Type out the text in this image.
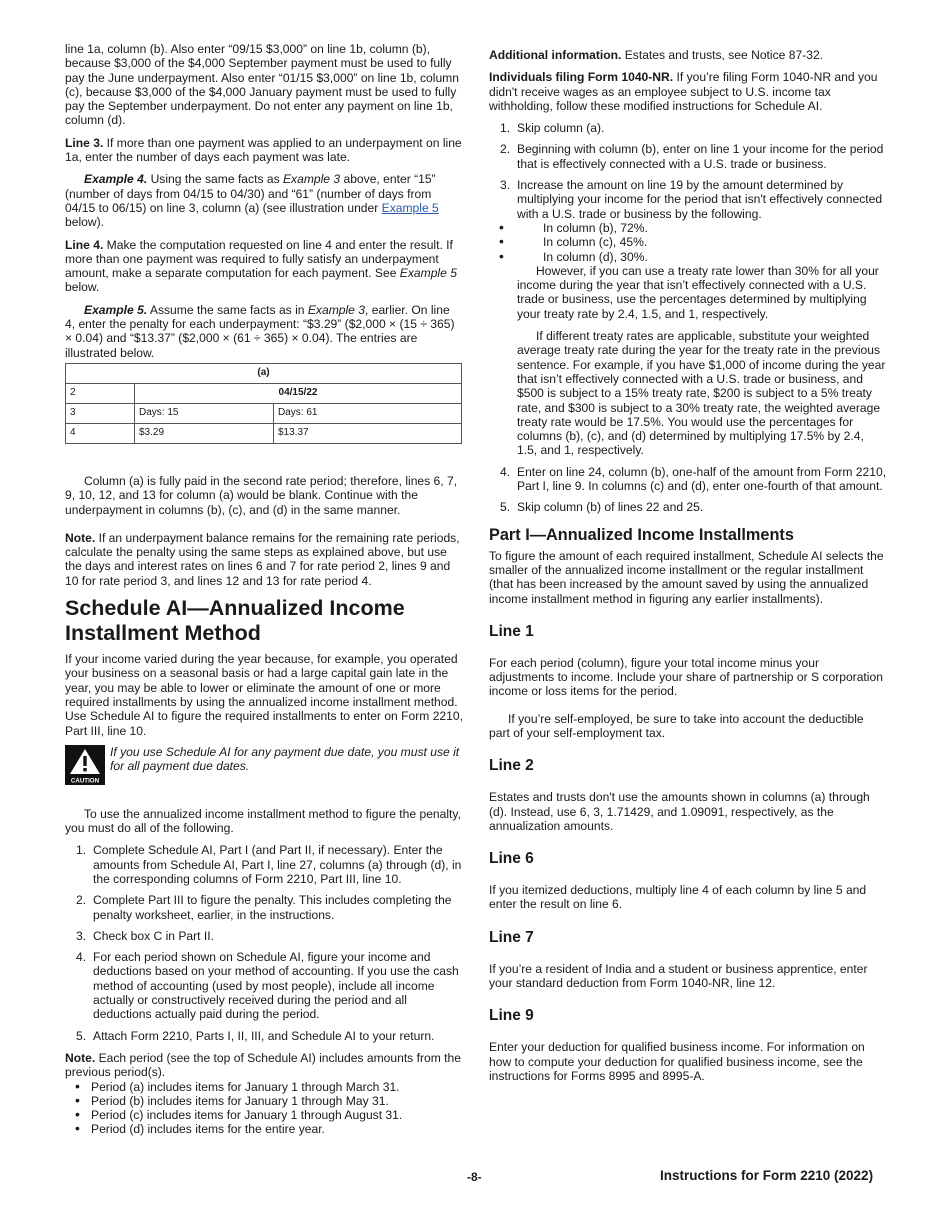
line 1a, column (b). Also enter “09/15 $3,000” on line 1b, column (b), because $3,000 of the $4,000 September payment must be used to fully pay the June underpayment. Also enter “01/15 $3,000” on line 1b, column (c), because $3,000 of the $4,000 January payment must be used to fully pay the September underpayment. Do not enter any payment on line 1b, column (d).

Line 3. If more than one payment was applied to an underpayment on line 1a, enter the number of days each payment was late.

Example 4. Using the same facts as Example 3 above, enter “15” (number of days from 04/15 to 04/30) and “61” (number of days from 04/15 to 06/15) on line 3, column (a) (see illustration under Example 5 below).

Line 4. Make the computation requested on line 4 and enter the result. If more than one payment was required to fully satisfy an underpayment amount, make a separate computation for each payment. See Example 5 below.

Example 5. Assume the same facts as in Example 3, earlier. On line 4, enter the penalty for each underpayment: “$3.29” ($2,000 × (15 ÷ 365) × 0.04) and “$13.37” ($2,000 × (61 ÷ 365) × 0.04). The entries are illustrated below.

(a)		
2	04/15/22	
3	Days: 15	Days: 61
4	$3.29	$13.37

Column (a) is fully paid in the second rate period; therefore, lines 6, 7, 9, 10, 12, and 13 for column (a) would be blank. Continue with the underpayment in columns (b), (c), and (d) in the same manner.

Note. If an underpayment balance remains for the remaining rate periods, calculate the penalty using the same steps as explained above, but use the days and interest rates on lines 6 and 7 for rate period 2, lines 9 and 10 for rate period 3, and lines 12 and 13 for rate period 4.

Schedule AI—Annualized Income Installment Method

If your income varied during the year because, for example, you operated your business on a seasonal basis or had a large capital gain late in the year, you may be able to lower or eliminate the amount of one or more required installments by using the annualized income installment method. Use Schedule AI to figure the required installments to enter on Form 2210, Part III, line 10.

CAUTION
If you use Schedule AI for any payment due date, you must use it for all payment due dates.

To use the annualized income installment method to figure the penalty, you must do all of the following.

1. Complete Schedule AI, Part I (and Part II, if necessary). Enter the amounts from Schedule AI, Part I, line 27, columns (a) through (d), in the corresponding columns of Form 2210, Part III, line 10.
2. Complete Part III to figure the penalty. This includes completing the penalty worksheet, earlier, in the instructions.
3. Check box C in Part II.
4. For each period shown on Schedule AI, figure your income and deductions based on your method of accounting. If you use the cash method of accounting (used by most people), include all income actually or constructively received during the period and all deductions actually paid during the period.
5. Attach Form 2210, Parts I, II, III, and Schedule AI to your return.

Note. Each period (see the top of Schedule AI) includes amounts from the previous period(s).

• Period (a) includes items for January 1 through March 31.
• Period (b) includes items for January 1 through May 31.
• Period (c) includes items for January 1 through August 31.
• Period (d) includes items for the entire year.

Additional information. Estates and trusts, see Notice 87-32.

Individuals filing Form 1040-NR. If you’re filing Form 1040-NR and you didn't receive wages as an employee subject to U.S. income tax withholding, follow these modified instructions for Schedule AI.

1. Skip column (a).
2. Beginning with column (b), enter on line 1 your income for the period that is effectively connected with a U.S. trade or business.
3. Increase the amount on line 19 by the amount determined by multiplying your income for the period that isn't effectively connected with a U.S. trade or business by the following.
• In column (b), 72%.
• In column (c), 45%.
• In column (d), 30%.

However, if you can use a treaty rate lower than 30% for all your income during the year that isn’t effectively connected with a U.S. trade or business, use the percentages determined by multiplying your treaty rate by 2.4, 1.5, and 1, respectively.

If different treaty rates are applicable, substitute your weighted average treaty rate during the year for the treaty rate in the previous sentence. For example, if you have $1,000 of income during the year that isn’t effectively connected with a U.S. trade or business, and $500 is subject to a 15% treaty rate, $200 is subject to a 5% treaty rate, and $300 is subject to a 30% treaty rate, the weighted average treaty rate would be 17.5%. You would use the percentages for columns (b), (c), and (d) determined by multiplying 17.5% by 2.4, 1.5, and 1, respectively.

4. Enter on line 24, column (b), one-half of the amount from Form 2210, Part I, line 9. In columns (c) and (d), enter one-fourth of that amount.
5. Skip column (b) of lines 22 and 25.
Part I—Annualized Income Installments

To figure the amount of each required installment, Schedule AI selects the smaller of the annualized income installment or the regular installment (that has been increased by the amount saved by using the annualized income installment method in figuring any earlier installments).

Line 1

For each period (column), figure your total income minus your adjustments to income. Include your share of partnership or S corporation income or loss items for the period.

If you’re self-employed, be sure to take into account the deductible part of your self-employment tax.

Line 2

Estates and trusts don't use the amounts shown in columns (a) through (d). Instead, use 6, 3, 1.71429, and 1.09091, respectively, as the annualization amounts.

Line 6

If you itemized deductions, multiply line 4 of each column by line 5 and enter the result on line 6.

Line 7

If you’re a resident of India and a student or business apprentice, enter your standard deduction from Form 1040-NR, line 12.

Line 9

Enter your deduction for qualified business income. For information on how to compute your deduction for qualified business income, see the instructions for Forms 8995 and 8995-A.

-8-	Instructions for Form 2210 (2022)
